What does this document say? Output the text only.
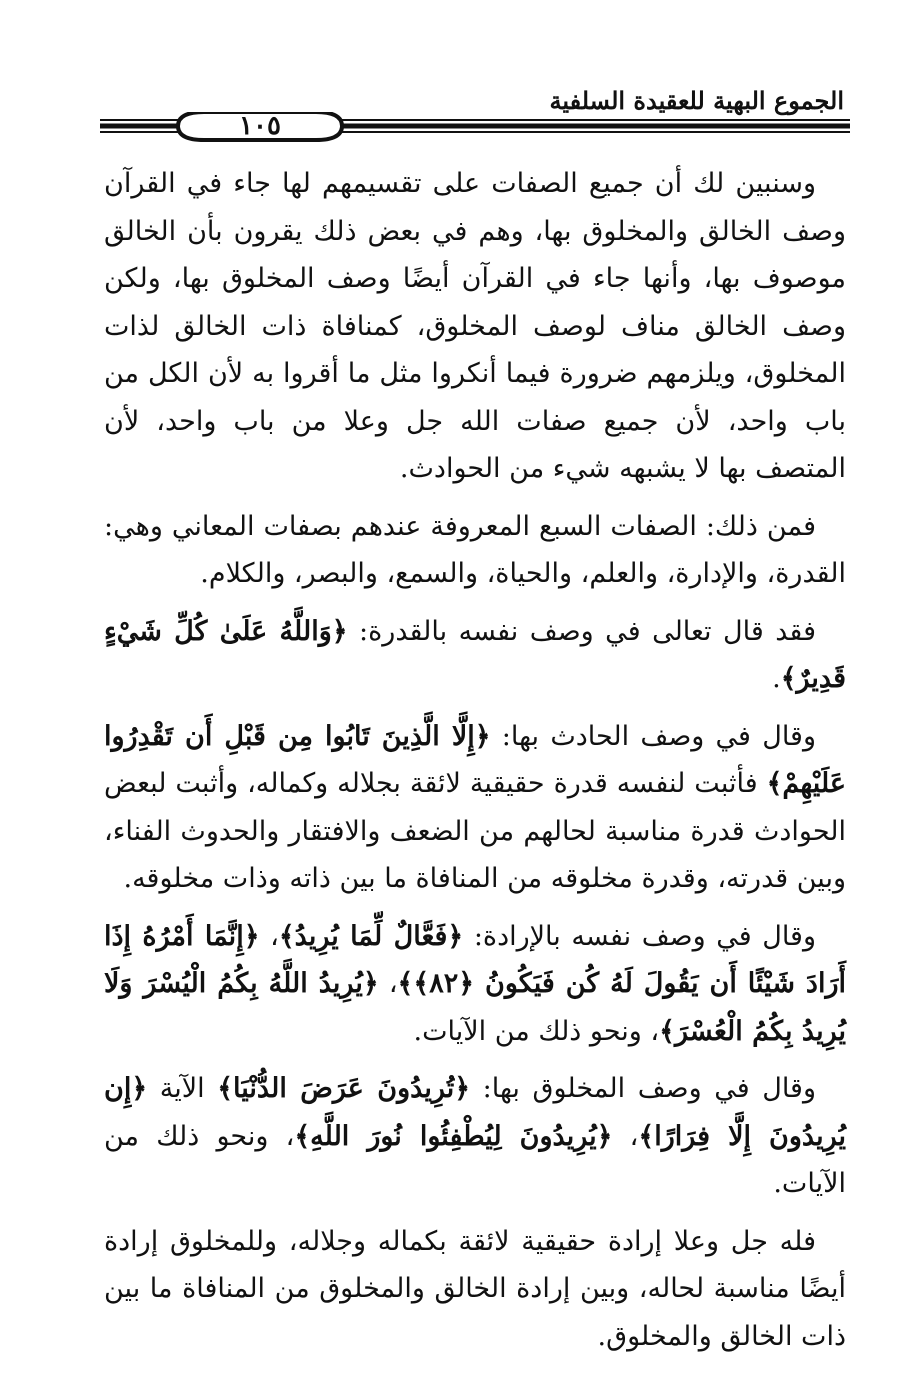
الجموع البهية للعقيدة السلفية
١٠٥

وسنبين لك أن جميع الصفات على تقسيمهم لها جاء في القرآن وصف الخالق والمخلوق بها، وهم في بعض ذلك يقرون بأن الخالق موصوف بها، وأنها جاء في القرآن أيضًا وصف المخلوق بها، ولكن وصف الخالق مناف لوصف المخلوق، كمنافاة ذات الخالق لذات المخلوق، ويلزمهم ضرورة فيما أنكروا مثل ما أقروا به لأن الكل من باب واحد، لأن جميع صفات الله جل وعلا من باب واحد، لأن المتصف بها لا يشبهه شيء من الحوادث.

فمن ذلك: الصفات السبع المعروفة عندهم بصفات المعاني وهي: القدرة، والإدارة، والعلم، والحياة، والسمع، والبصر، والكلام.

فقد قال تعالى في وصف نفسه بالقدرة: ﴿وَاللَّهُ عَلَىٰ كُلِّ شَيْءٍ قَدِيرٌ﴾.

وقال في وصف الحادث بها: ﴿إِلَّا الَّذِينَ تَابُوا مِن قَبْلِ أَن تَقْدِرُوا عَلَيْهِمْ﴾ فأثبت لنفسه قدرة حقيقية لائقة بجلاله وكماله، وأثبت لبعض الحوادث قدرة مناسبة لحالهم من الضعف والافتقار والحدوث الفناء، وبين قدرته، وقدرة مخلوقه من المنافاة ما بين ذاته وذات مخلوقه.

وقال في وصف نفسه بالإرادة: ﴿فَعَّالٌ لِّمَا يُرِيدُ﴾، ﴿إِنَّمَا أَمْرُهُ إِذَا أَرَادَ شَيْئًا أَن يَقُولَ لَهُ كُن فَيَكُونُ ﴿٨٢﴾﴾، ﴿يُرِيدُ اللَّهُ بِكُمُ الْيُسْرَ وَلَا يُرِيدُ بِكُمُ الْعُسْرَ﴾، ونحو ذلك من الآيات.

وقال في وصف المخلوق بها: ﴿تُرِيدُونَ عَرَضَ الدُّنْيَا﴾ الآية ﴿إِن يُرِيدُونَ إِلَّا فِرَارًا﴾، ﴿يُرِيدُونَ لِيُطْفِئُوا نُورَ اللَّهِ﴾، ونحو ذلك من الآيات.

فله جل وعلا إرادة حقيقية لائقة بكماله وجلاله، وللمخلوق إرادة أيضًا مناسبة لحاله، وبين إرادة الخالق والمخلوق من المنافاة ما بين ذات الخالق والمخلوق.
